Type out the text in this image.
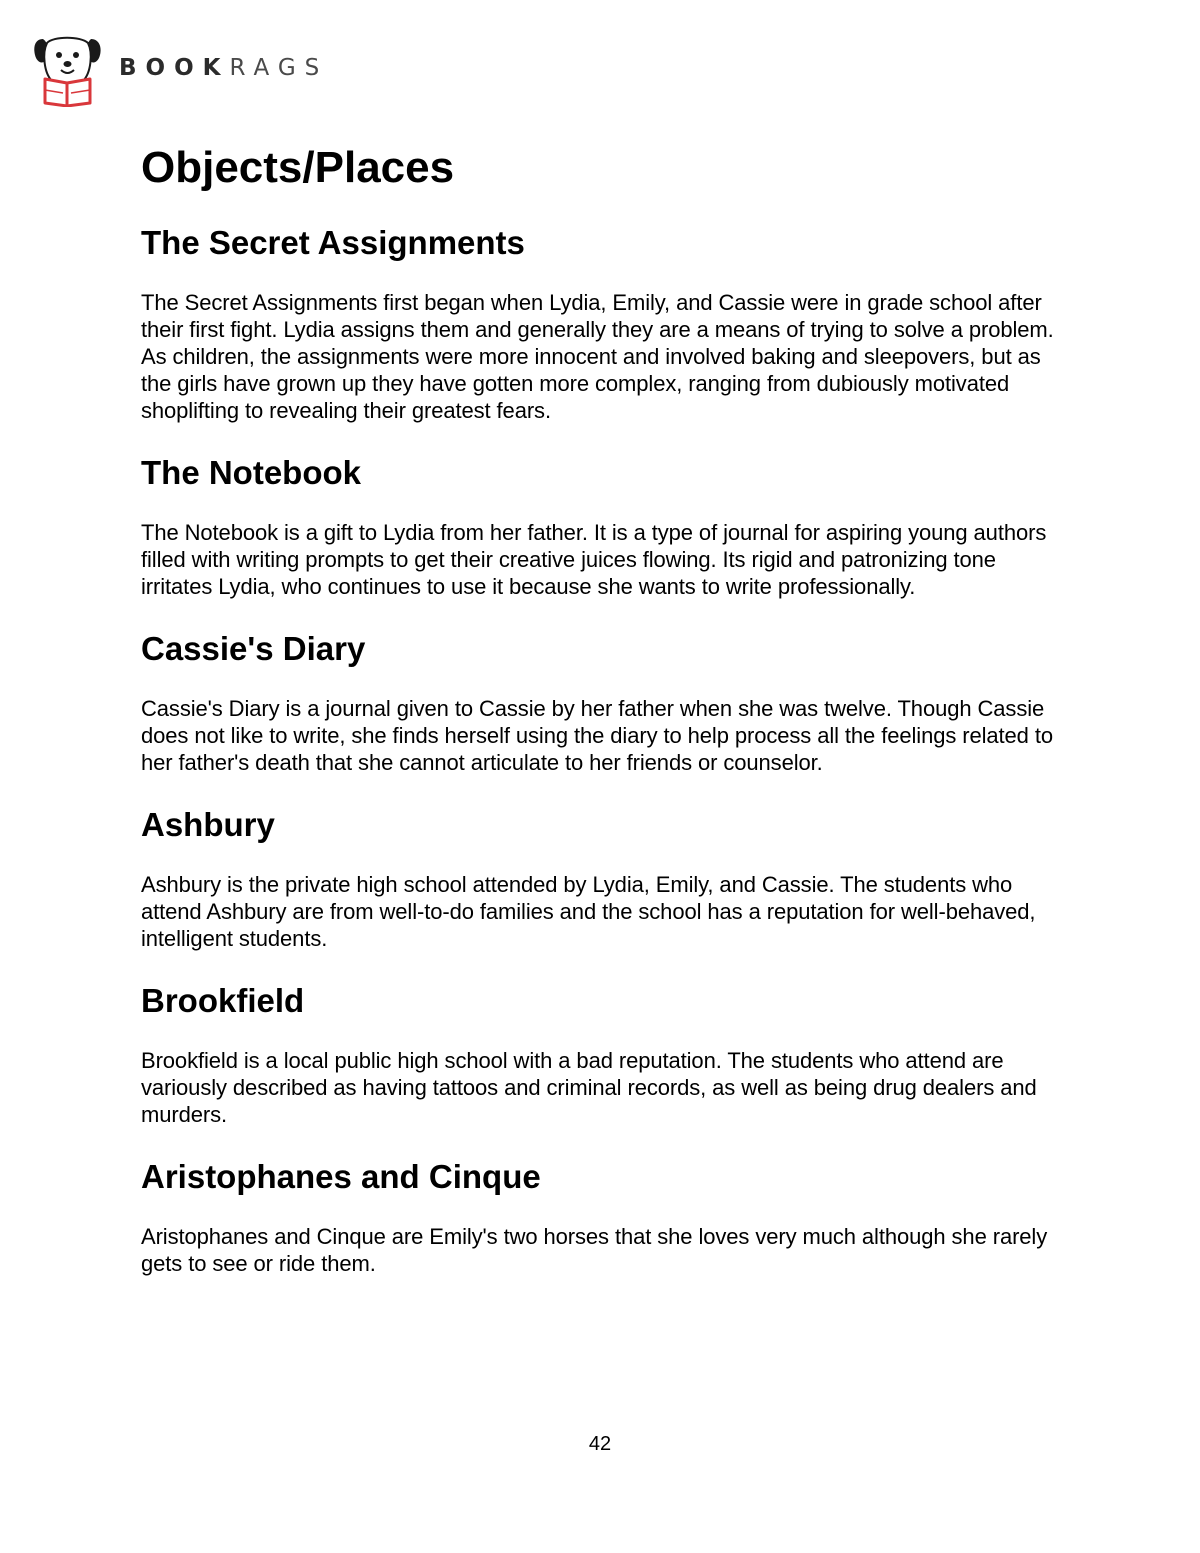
BOOKRAGS
Objects/Places
The Secret Assignments

The Secret Assignments first began when Lydia, Emily, and Cassie were in grade school after their first fight. Lydia assigns them and generally they are a means of trying to solve a problem. As children, the assignments were more innocent and involved baking and sleepovers, but as the girls have grown up they have gotten more complex, ranging from dubiously motivated shoplifting to revealing their greatest fears.

The Notebook

The Notebook is a gift to Lydia from her father. It is a type of journal for aspiring young authors filled with writing prompts to get their creative juices flowing. Its rigid and patronizing tone irritates Lydia, who continues to use it because she wants to write professionally.

Cassie's Diary

Cassie's Diary is a journal given to Cassie by her father when she was twelve. Though Cassie does not like to write, she finds herself using the diary to help process all the feelings related to her father's death that she cannot articulate to her friends or counselor.

Ashbury

Ashbury is the private high school attended by Lydia, Emily, and Cassie. The students who attend Ashbury are from well-to-do families and the school has a reputation for well-behaved, intelligent students.

Brookfield

Brookfield is a local public high school with a bad reputation. The students who attend are variously described as having tattoos and criminal records, as well as being drug dealers and murders.

Aristophanes and Cinque

Aristophanes and Cinque are Emily's two horses that she loves very much although she rarely gets to see or ride them.

42
